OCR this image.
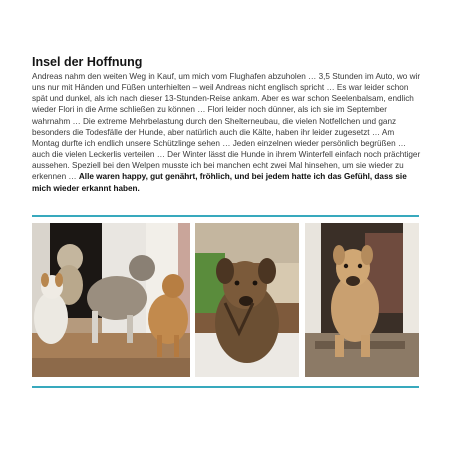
Insel der Hoffnung

Andreas nahm den weiten Weg in Kauf, um mich vom Flughafen abzuholen … 3,5 Stunden im Auto, wo wir uns nur mit Händen und Füßen unterhielten – weil Andreas nicht englisch spricht … Es war leider schon spät und dunkel, als ich nach dieser 13-Stunden-Reise ankam. Aber es war schon Seelenbalsam, endlich wieder Flori in die Arme schließen zu können … Flori leider noch dünner, als ich sie im September wahrnahm … Die extreme Mehrbelastung durch den Shelterneubau, die vielen Notfellchen und ganz besonders die Todesfälle der Hunde, aber natürlich auch die Kälte, haben ihr leider zugesetzt … Am Montag durfte ich endlich unsere Schützlinge sehen … Jeden einzelnen wieder persönlich begrüßen … auch die vielen Leckerlis verteilen … Der Winter lässt die Hunde in ihrem Winterfell einfach noch prächtiger aussehen. Speziell bei den Welpen musste ich bei manchen echt zwei Mal hinsehen, um sie wieder zu erkennen … Alle waren happy, gut genährt, fröhlich, und bei jedem hatte ich das Gefühl, dass sie mich wieder erkannt haben.
